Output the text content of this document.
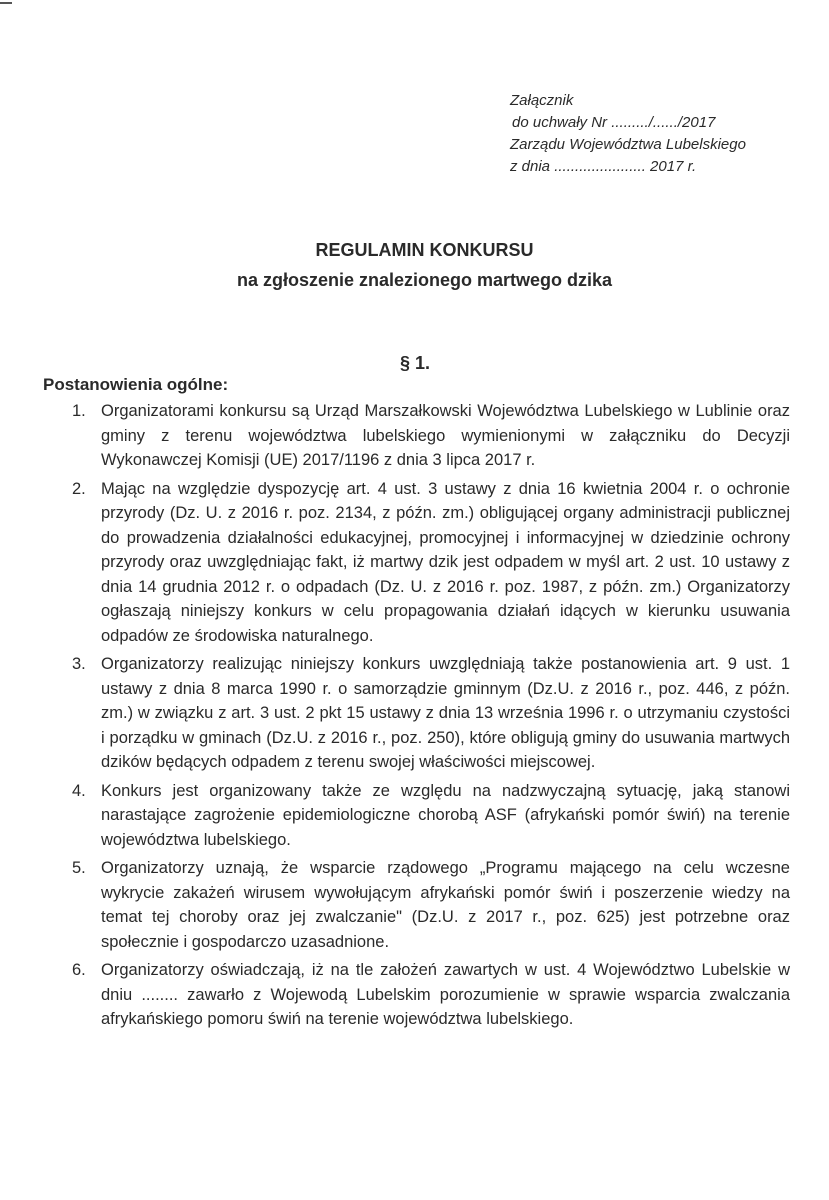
Załącznik
do uchwały Nr ........./....../2017
Zarządu Województwa Lubelskiego
z dnia ...................... 2017 r.
REGULAMIN KONKURSU
na zgłoszenie znalezionego martwego dzika
§ 1.
Postanowienia ogólne:
1. Organizatorami konkursu są Urząd Marszałkowski Województwa Lubelskiego w Lublinie oraz gminy z terenu województwa lubelskiego wymienionymi w załączniku do Decyzji Wykonawczej Komisji (UE) 2017/1196 z dnia 3 lipca 2017 r.
2. Mając na względzie dyspozycję art. 4 ust. 3 ustawy z dnia 16 kwietnia 2004 r. o ochronie przyrody (Dz. U. z 2016 r. poz. 2134, z późn. zm.) obligującej organy administracji publicznej do prowadzenia działalności edukacyjnej, promocyjnej i informacyjnej w dziedzinie ochrony przyrody oraz uwzględniając fakt, iż martwy dzik jest odpadem w myśl art. 2 ust. 10 ustawy z dnia 14 grudnia 2012 r. o odpadach (Dz. U. z 2016 r. poz. 1987, z późn. zm.) Organizatorzy ogłaszają niniejszy konkurs w celu propagowania działań idących w kierunku usuwania odpadów ze środowiska naturalnego.
3. Organizatorzy realizując niniejszy konkurs uwzględniają także postanowienia art. 9 ust. 1 ustawy z dnia 8 marca 1990 r. o samorządzie gminnym (Dz.U. z 2016 r., poz. 446, z późn. zm.) w związku z art. 3 ust. 2 pkt 15 ustawy z dnia 13 września 1996 r. o utrzymaniu czystości i porządku w gminach (Dz.U. z 2016 r., poz. 250), które obligują gminy do usuwania martwych dzików będących odpadem z terenu swojej właściwości miejscowej.
4. Konkurs jest organizowany także ze względu na nadzwyczajną sytuację, jaką stanowi narastające zagrożenie epidemiologiczne chorobą ASF (afrykański pomór świń) na terenie województwa lubelskiego.
5. Organizatorzy uznają, że wsparcie rządowego „Programu mającego na celu wczesne wykrycie zakażeń wirusem wywołującym afrykański pomór świń i poszerzenie wiedzy na temat tej choroby oraz jej zwalczanie" (Dz.U. z 2017 r., poz. 625) jest potrzebne oraz społecznie i gospodarczo uzasadnione.
6. Organizatorzy oświadczają, iż na tle założeń zawartych w ust. 4 Województwo Lubelskie w dniu ........ zawarło z Wojewodą Lubelskim porozumienie w sprawie wsparcia zwalczania afrykańskiego pomoru świń na terenie województwa lubelskiego.
